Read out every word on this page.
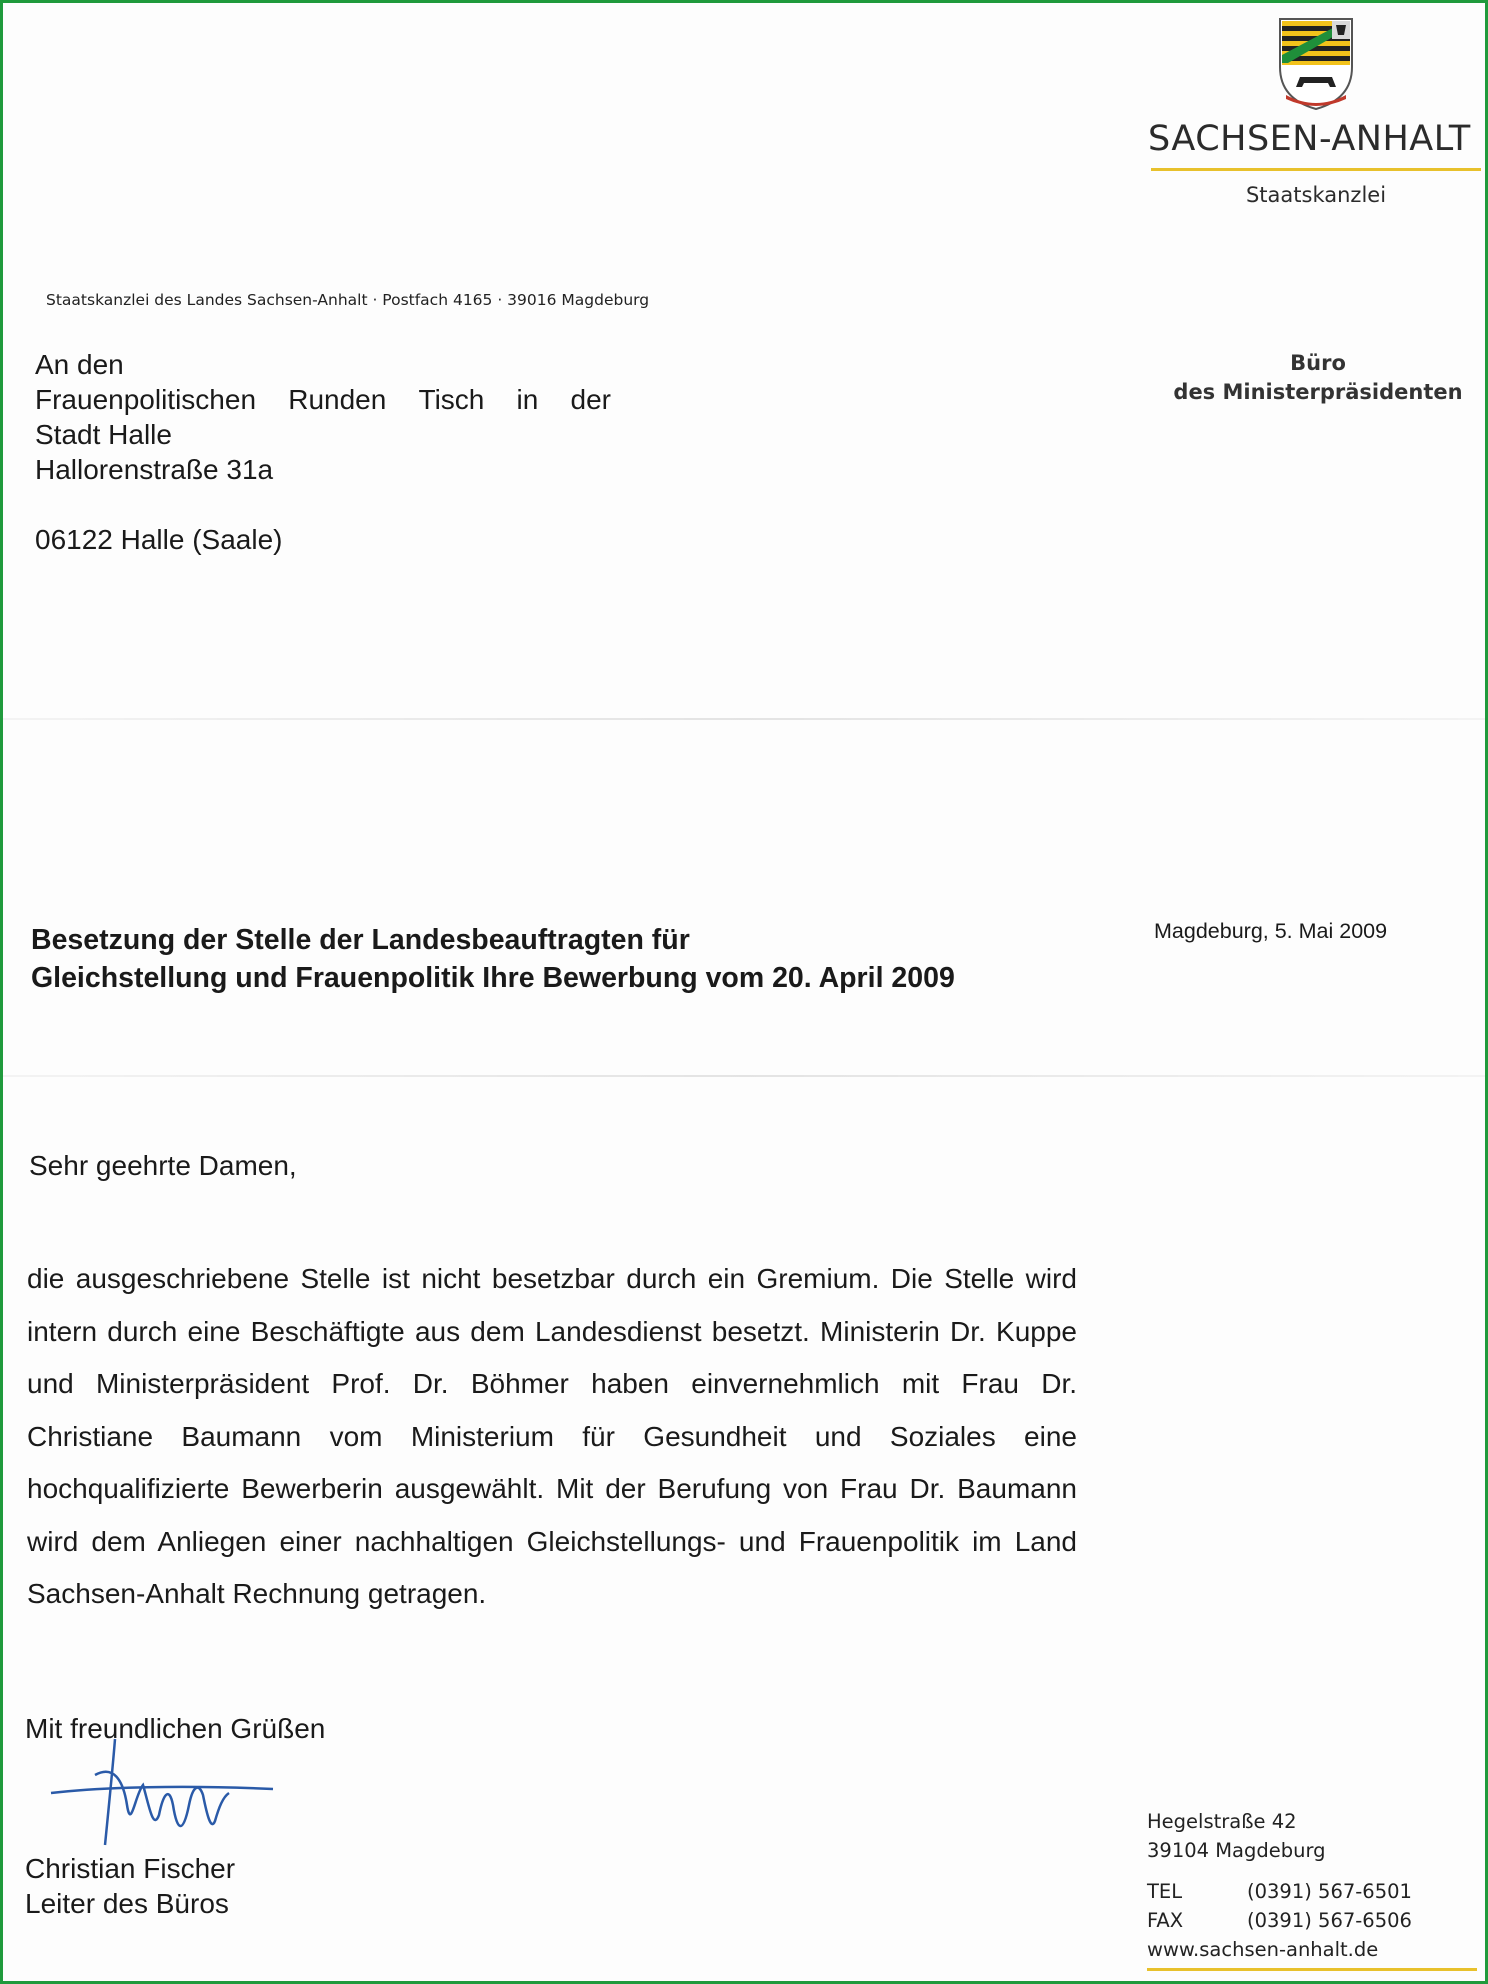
SACHSEN-ANHALT
Staatskanzlei
Staatskanzlei des Landes Sachsen-Anhalt · Postfach 4165 · 39016 Magdeburg
Büro
des Ministerpräsidenten
An den
Frauenpolitischen Runden Tisch in der
Stadt Halle
Hallorenstraße 31a
06122 Halle (Saale)
Besetzung der Stelle der Landesbeauftragten für
Gleichstellung und Frauenpolitik Ihre Bewerbung vom 20. April 2009
Magdeburg, 5. Mai 2009
Sehr geehrte Damen,
die ausgeschriebene Stelle ist nicht besetzbar durch ein Gremium. Die Stelle wird intern durch eine Beschäftigte aus dem Landesdienst besetzt. Ministerin Dr. Kuppe und Ministerpräsident Prof. Dr. Böhmer haben einvernehmlich mit Frau Dr. Christiane Baumann vom Ministerium für Gesundheit und Soziales eine hochqualifizierte Bewerberin ausgewählt. Mit der Berufung von Frau Dr. Baumann wird dem Anliegen einer nachhaltigen Gleichstellungs- und Frauenpolitik im Land Sachsen-Anhalt Rechnung getragen.
Mit freundlichen Grüßen
Christian Fischer
Leiter des Büros
Hegelstraße 42
39104 Magdeburg
TEL	(0391) 567-6501
FAX	(0391) 567-6506
www.sachsen-anhalt.de
